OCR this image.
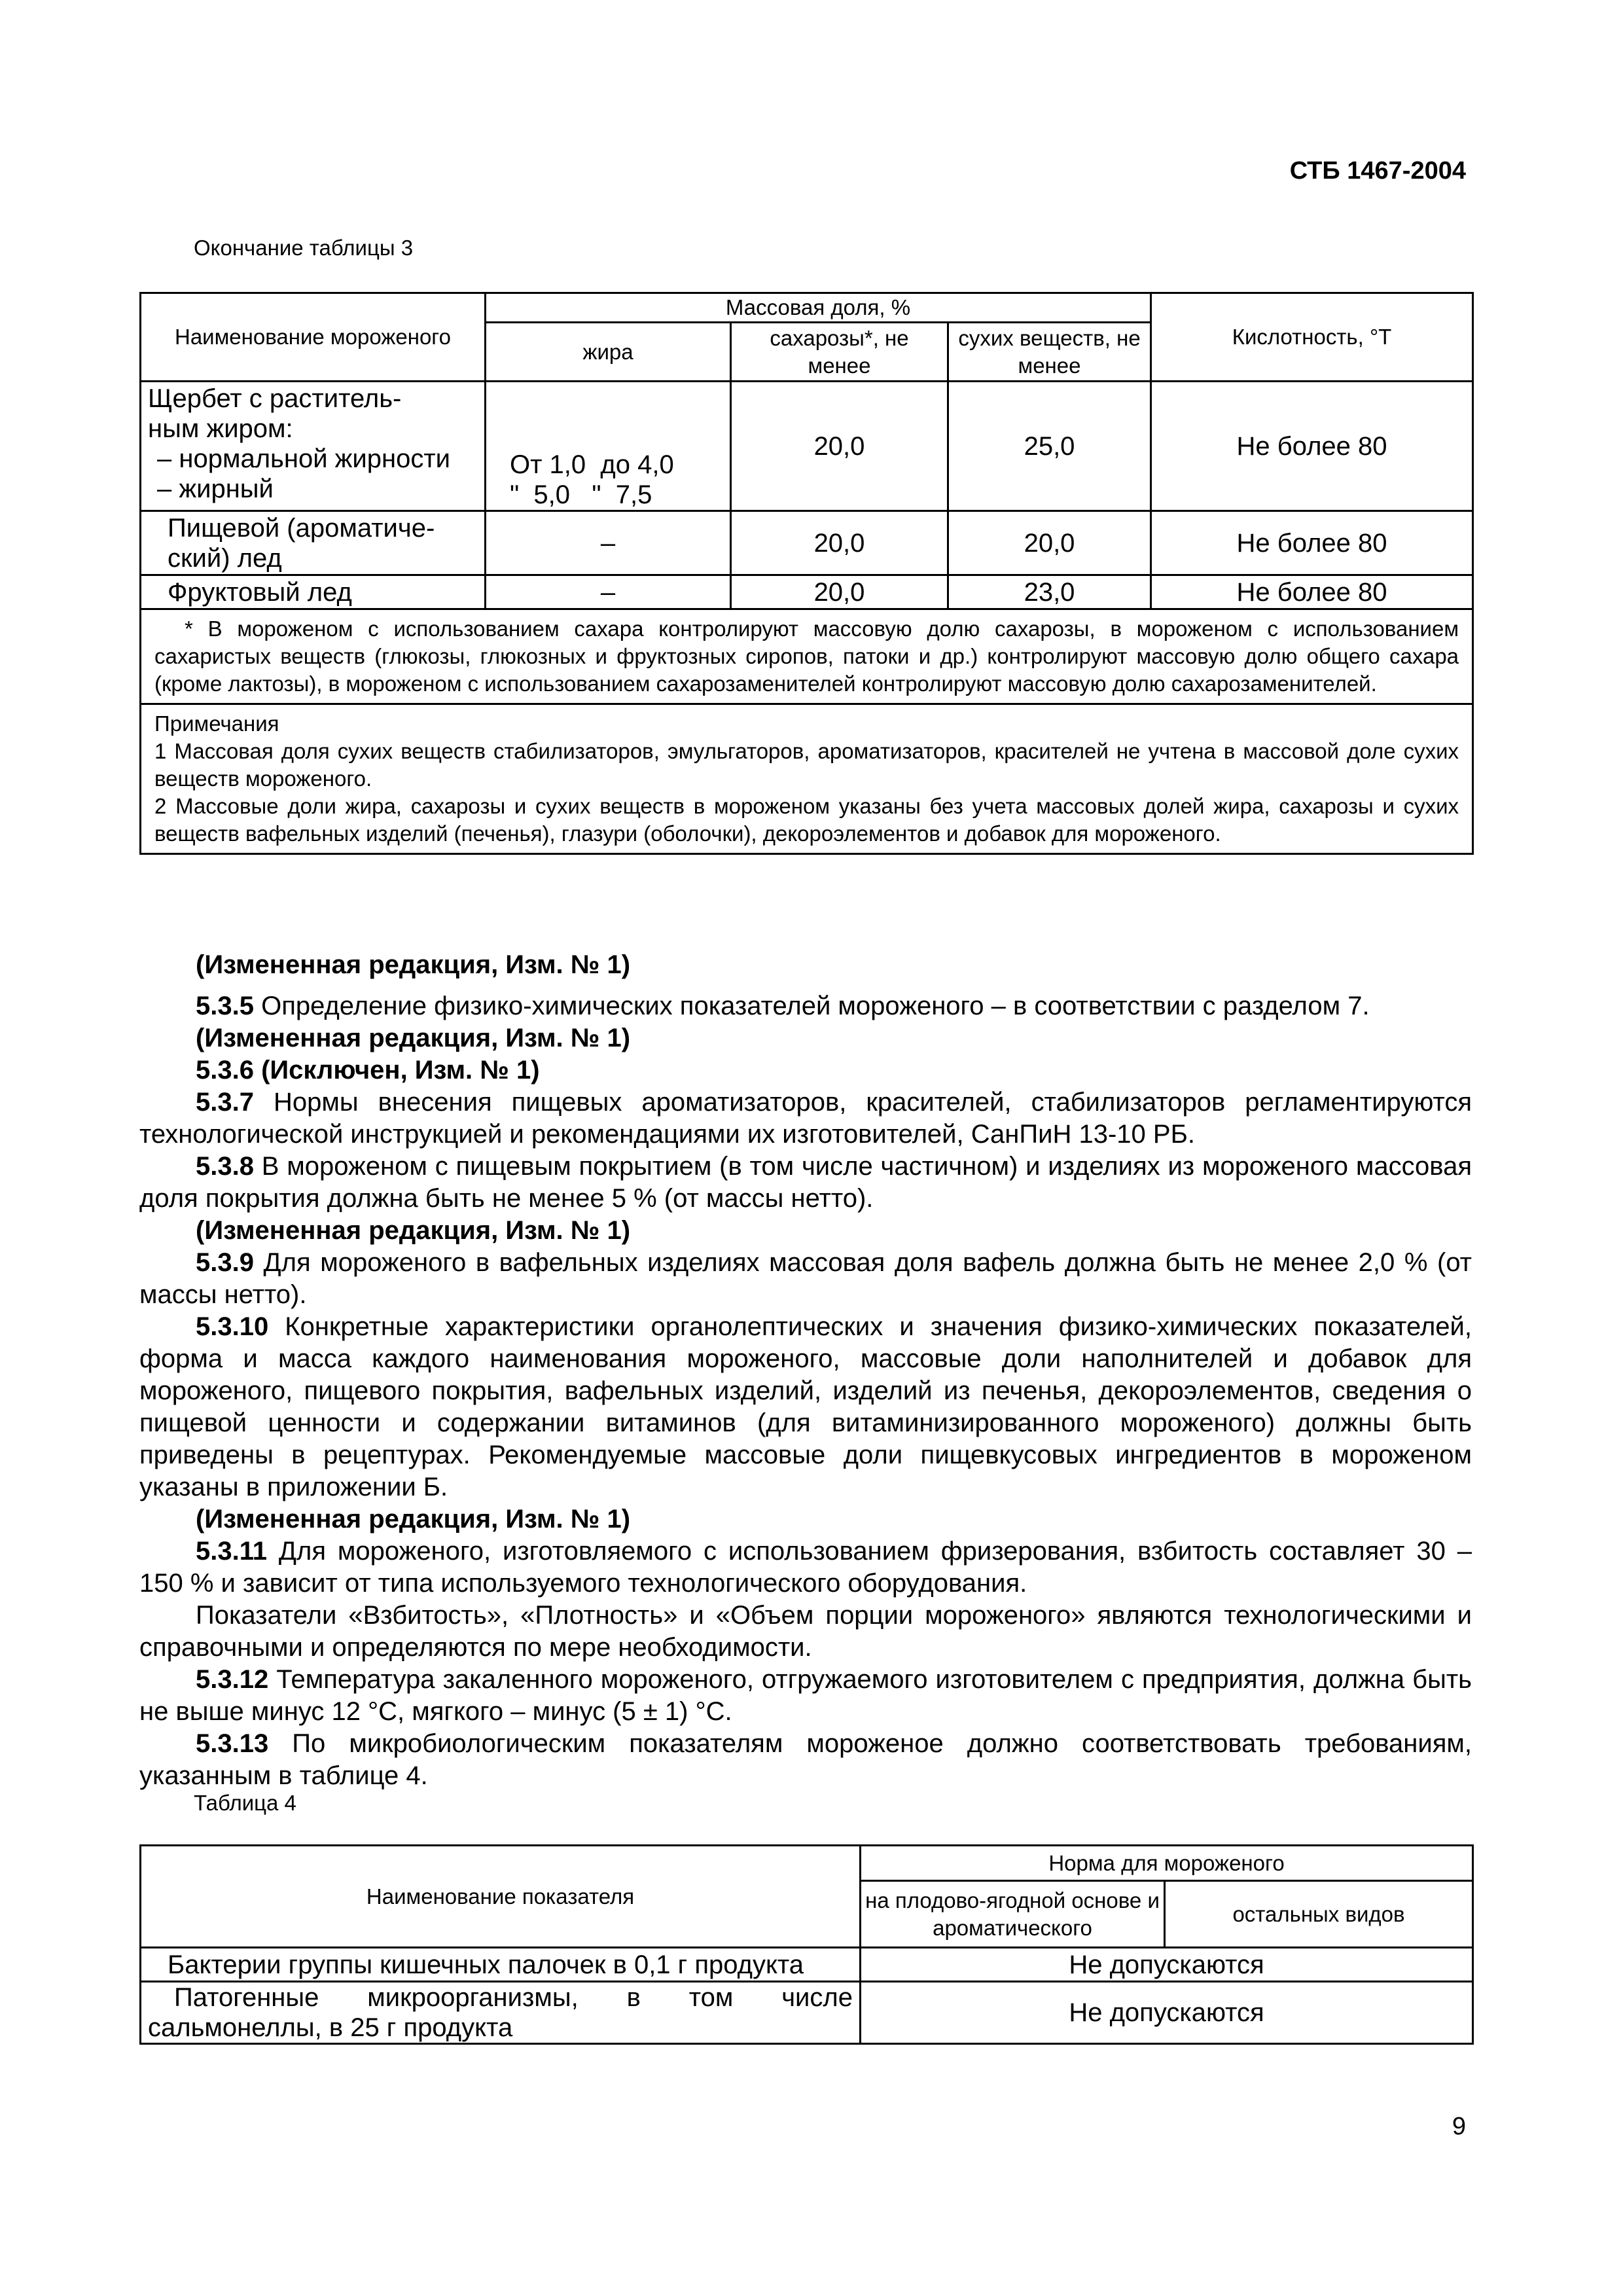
СТБ 1467-2004
Окончание таблицы 3
Наименование мороженого	Массовая доля, %			Кислотность, °Т
	жира	сахарозы*, не менее	сухих веществ, не менее	

Щербет с раститель-
ным жиром:
– нормальной жирности
– жирный	От 1,0  до 4,0
"  5,0   "  7,5	20,0	25,0	Не более 80

Пищевой (ароматиче-
ский) лед	–	20,0	20,0	Не более 80
Фруктовый лед	–	20,0	23,0	Не более 80
* В мороженом с использованием сахара контролируют массовую долю сахарозы, в мороженом с использованием сахаристых веществ (глюкозы, глюкозных и фруктозных сиропов, патоки и др.) контролируют массовую долю общего сахара (кроме лактозы), в мороженом с использованием сахарозаменителей контролируют массовую долю сахарозаменителей.				

Примечания
1 Массовая доля сухих веществ стабилизаторов, эмульгаторов, ароматизаторов, красителей не учтена в массовой доле сухих веществ мороженого.
2 Массовые доли жира, сахарозы и сухих веществ в мороженом указаны без учета массовых долей жира, сахарозы и сухих веществ вафельных изделий (печенья), глазури (оболочки), декороэлементов и добавок для мороженого.				

(Измененная редакция, Изм. № 1)

5.3.5 Определение физико-химических показателей мороженого – в соответствии с разделом 7.

(Измененная редакция, Изм. № 1)

5.3.6 (Исключен, Изм. № 1)

5.3.7 Нормы внесения пищевых ароматизаторов, красителей, стабилизаторов регламентируются технологической инструкцией и рекомендациями их изготовителей, СанПиН 13-10 РБ.

5.3.8 В мороженом с пищевым покрытием (в том числе частичном) и изделиях из мороженого массовая доля покрытия должна быть не менее 5 % (от массы нетто).

(Измененная редакция, Изм. № 1)

5.3.9 Для мороженого в вафельных изделиях массовая доля вафель должна быть не менее 2,0 % (от массы нетто).

5.3.10 Конкретные характеристики органолептических и значения физико-химических показателей, форма и масса каждого наименования мороженого, массовые доли наполнителей и добавок для мороженого, пищевого покрытия, вафельных изделий, изделий из печенья, декороэлементов, сведения о пищевой ценности и содержании витаминов (для витаминизированного мороженого) должны быть приведены в рецептурах. Рекомендуемые массовые доли пищевкусовых ингредиентов в мороженом указаны в приложении Б.

(Измененная редакция, Изм. № 1)

5.3.11 Для мороженого, изготовляемого с использованием фризерования, взбитость составляет 30 – 150 % и зависит от типа используемого технологического оборудования.

Показатели «Взбитость», «Плотность» и «Объем порции мороженого» являются технологическими и справочными и определяются по мере необходимости.

5.3.12 Температура закаленного мороженого, отгружаемого изготовителем с предприятия, должна быть не выше минус 12 °С, мягкого – минус (5 ± 1) °С.

5.3.13 По микробиологическим показателям мороженое должно соответствовать требованиям, указанным в таблице 4.

Таблица 4
Наименование показателя	Норма для мороженого	
	на плодово-ягодной основе и ароматического	остальных видов
Бактерии группы кишечных палочек в 0,1 г продукта	Не допускаются	
Патогенные микроорганизмы, в том числе сальмонеллы, в 25 г продукта	Не допускаются	
9
